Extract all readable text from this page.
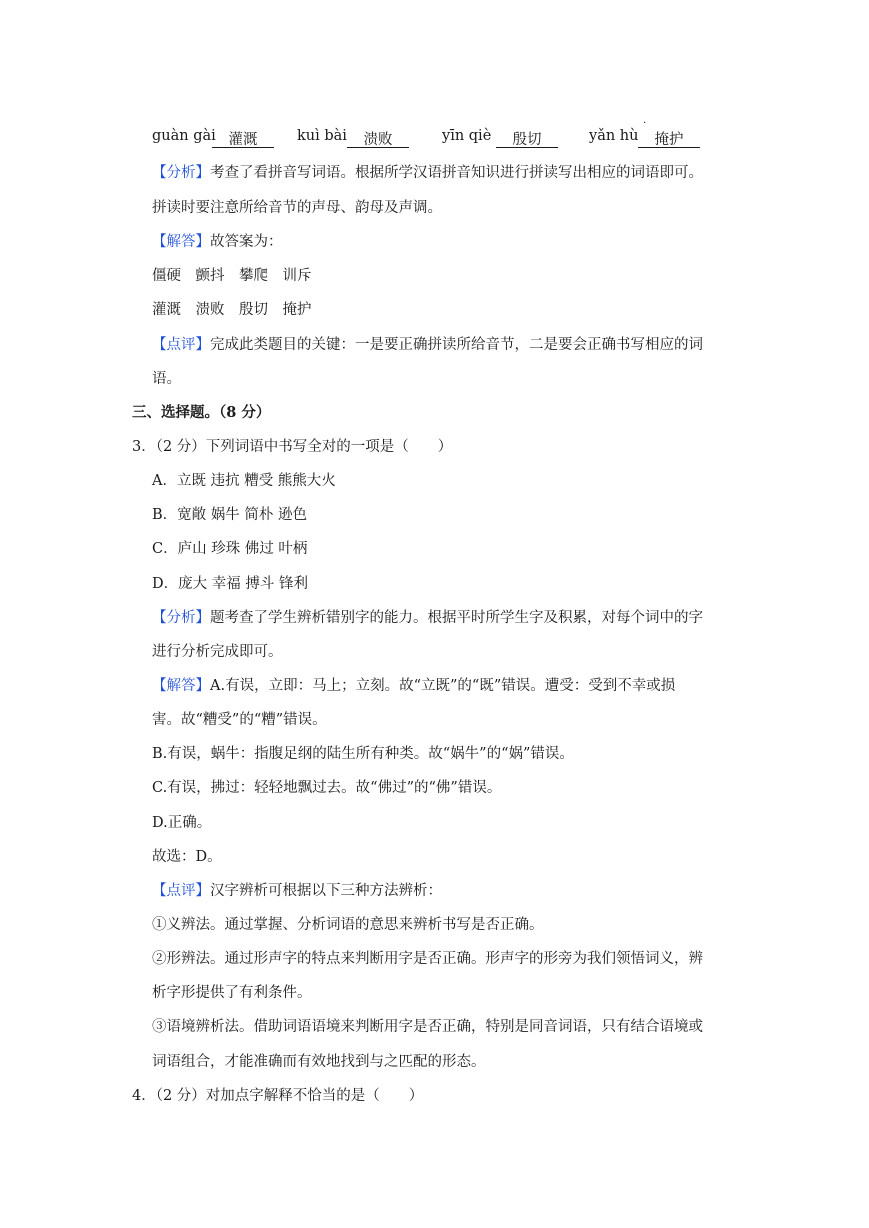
guàn gài 灌溉	kuì bài	溃败	yīn qiè	殷切	yǎn hù	掩护
·
【分析】考查了看拼音写词语。根据所学汉语拼音知识进行拼读写出相应的词语即可。
拼读时要注意所给音节的声母、韵母及声调。
【解答】故答案为：
僵硬　颤抖　攀爬　训斥
灌溉　溃败　殷切　掩护
【点评】完成此类题目的关键：一是要正确拼读所给音节，二是要会正确书写相应的词
语。
三、选择题。（8 分）
3．（2 分）下列词语中书写全对的一项是（　　）
A．立既 违抗 糟受 熊熊大火
B．宽敞 娲牛 简朴 逊色
C．庐山 珍珠 佛过 叶柄
D．庞大 幸福 搏斗 锋利
【分析】题考查了学生辨析错别字的能力。根据平时所学生字及积累，对每个词中的字
进行分析完成即可。
【解答】A.有误，立即：马上；立刻。故“立既”的“既”错误。遭受：受到不幸或损
害。故“糟受”的“糟”错误。
B.有误，蜗牛：指腹足纲的陆生所有种类。故“娲牛”的“娲”错误。
C.有误，拂过：轻轻地飘过去。故“佛过”的“佛”错误。
D.正确。
故选：D。
【点评】汉字辨析可根据以下三种方法辨析：
①义辨法。通过掌握、分析词语的意思来辨析书写是否正确。
②形辨法。通过形声字的特点来判断用字是否正确。形声字的形旁为我们领悟词义，辨
析字形提供了有利条件。
③语境辨析法。借助词语语境来判断用字是否正确，特别是同音词语，只有结合语境或
词语组合，才能准确而有效地找到与之匹配的形态。
4．（2 分）对加点字解释不恰当的是（　　）
